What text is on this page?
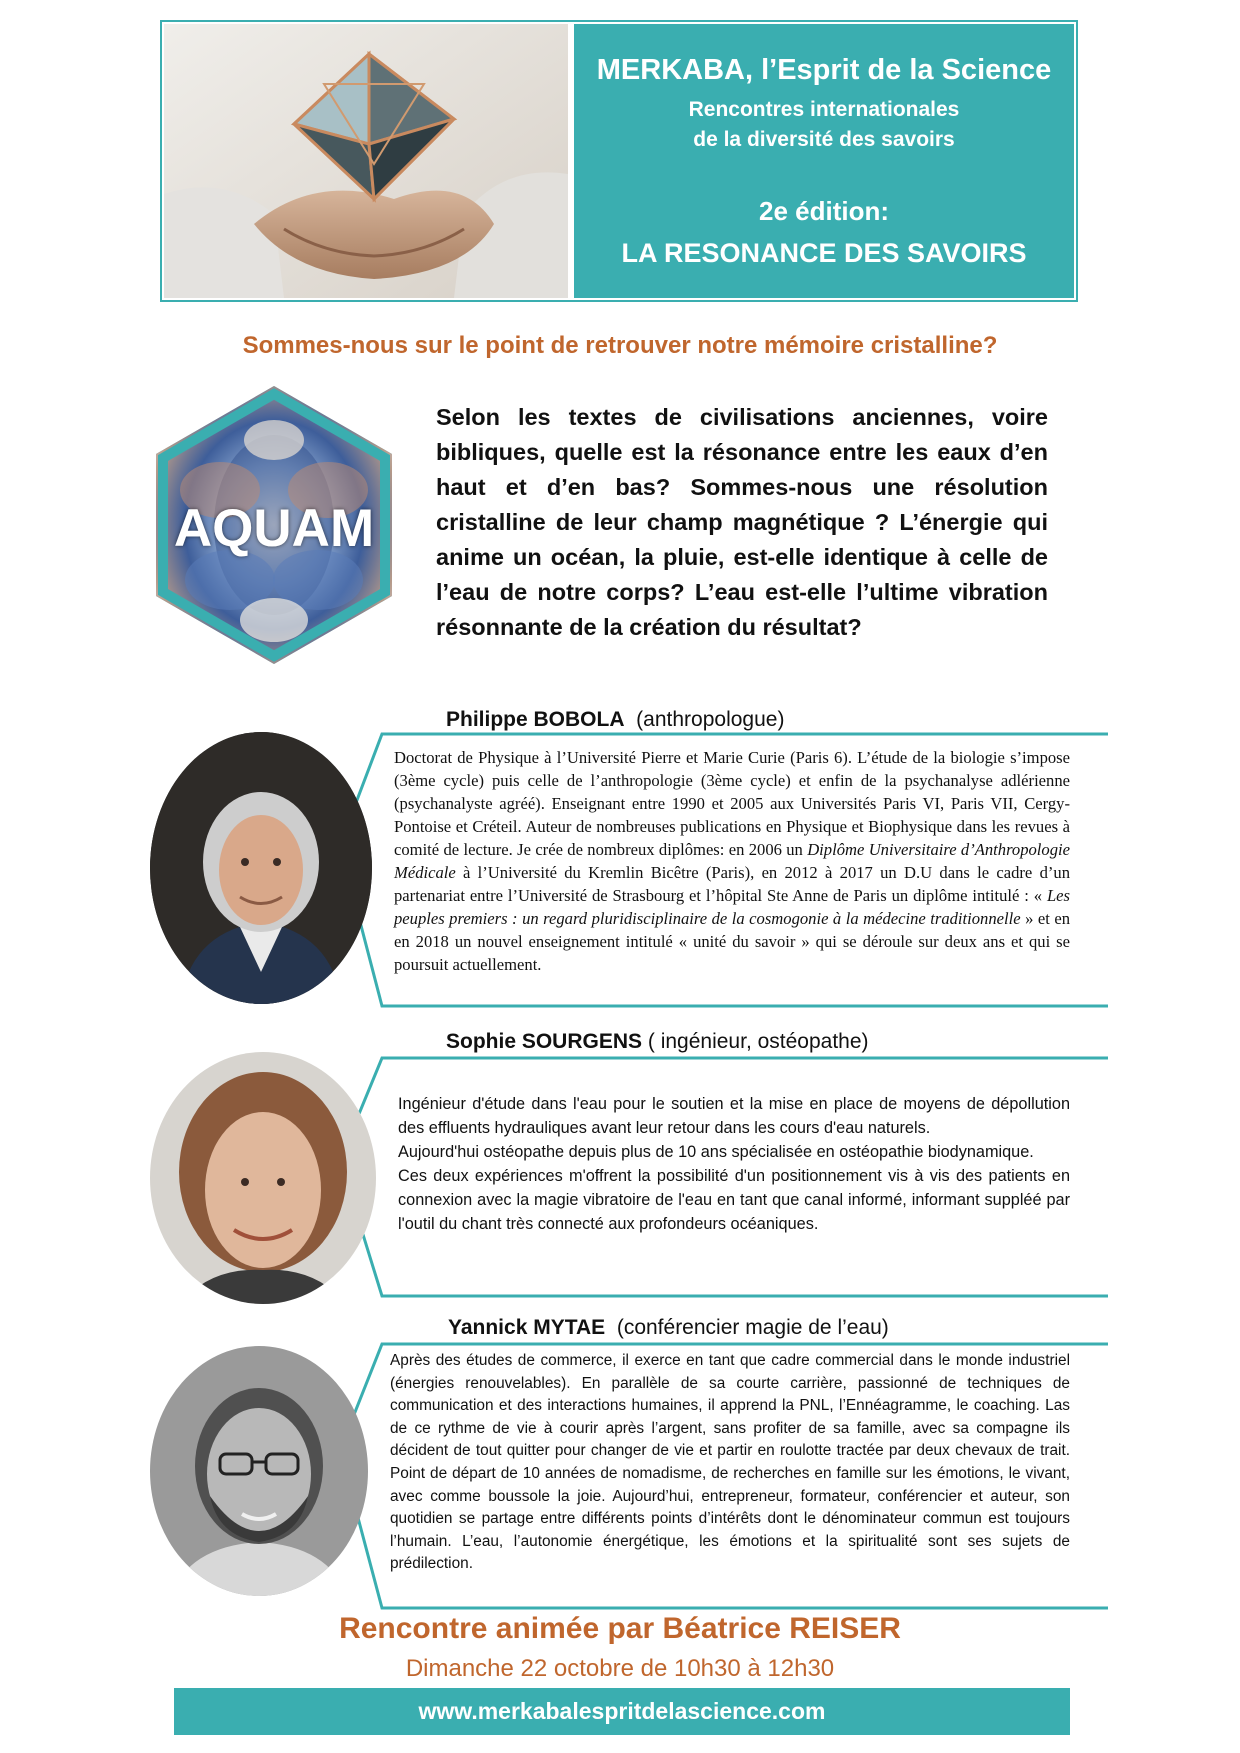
MERKABA, l’Esprit de la Science
Rencontres internationales
de la diversité des savoirs
2e édition:
LA RESONANCE DES SAVOIRS
Sommes-nous sur le point de retrouver notre mémoire cristalline?
AQUAM
Selon les textes de civilisations anciennes, voire bibliques, quelle est la résonance entre les eaux d’en haut et d’en bas? Sommes-nous une résolution cristalline de leur champ magnétique ? L’énergie qui anime un océan, la pluie, est-elle identique à celle de l’eau de notre corps? L’eau est-elle l’ultime vibration résonnante de la création du résultat?
Philippe BOBOLA (anthropologue)

Doctorat de Physique à l’Université Pierre et Marie Curie (Paris 6). L’étude de la biologie s’impose (3ème cycle) puis celle de l’anthropologie (3ème cycle) et enfin de la psychanalyse adlérienne (psychanalyste agréé). Enseignant entre 1990 et 2005 aux Universités Paris VI, Paris VII, Cergy- Pontoise et Créteil. Auteur de nombreuses publications en Physique et Biophysique dans les revues à comité de lecture. Je crée de nombreux diplômes: en 2006 un Diplôme Universitaire d’Anthropologie Médicale à l’Université du Kremlin Bicêtre (Paris), en 2012 à 2017 un D.U dans le cadre d’un partenariat entre l’Université de Strasbourg et l’hôpital Ste Anne de Paris un diplôme intitulé : « Les peuples premiers : un regard pluridisciplinaire de la cosmogonie à la médecine traditionnelle » et en en 2018 un nouvel enseignement intitulé « unité du savoir » qui se déroule sur deux ans et qui se poursuit actuellement.

Sophie SOURGENS ( ingénieur, ostéopathe)

Ingénieur d'étude dans l'eau pour le soutien et la mise en place de moyens de dépollution des effluents hydrauliques avant leur retour dans les cours d'eau naturels.

Aujourd'hui ostéopathe depuis plus de 10 ans spécialisée en ostéopathie biodynamique.

Ces deux expériences m'offrent la possibilité d'un positionnement vis à vis des patients en connexion avec la magie vibratoire de l'eau en tant que canal informé, informant suppléé par l'outil du chant très connecté aux profondeurs océaniques.

Yannick MYTAE (conférencier magie de l’eau)
Après des études de commerce, il exerce en tant que cadre commercial dans le monde industriel (énergies renouvelables). En parallèle de sa courte carrière, passionné de techniques de communication et des interactions humaines, il apprend la PNL, l’Ennéagramme, le coaching. Las de ce rythme de vie à courir après l’argent, sans profiter de sa famille, avec sa compagne ils décident de tout quitter pour changer de vie et partir en roulotte tractée par deux chevaux de trait. Point de départ de 10 années de nomadisme, de recherches en famille sur les émotions, le vivant, avec comme boussole la joie. Aujourd’hui, entrepreneur, formateur, conférencier et auteur, son quotidien se partage entre différents points d’intérêts dont le dénominateur commun est toujours l’humain. L’eau, l’autonomie énergétique, les émotions et la spiritualité sont ses sujets de prédilection.
Rencontre animée par Béatrice REISER
Dimanche 22 octobre de 10h30 à 12h30
www.merkabalespritdelascience.com
